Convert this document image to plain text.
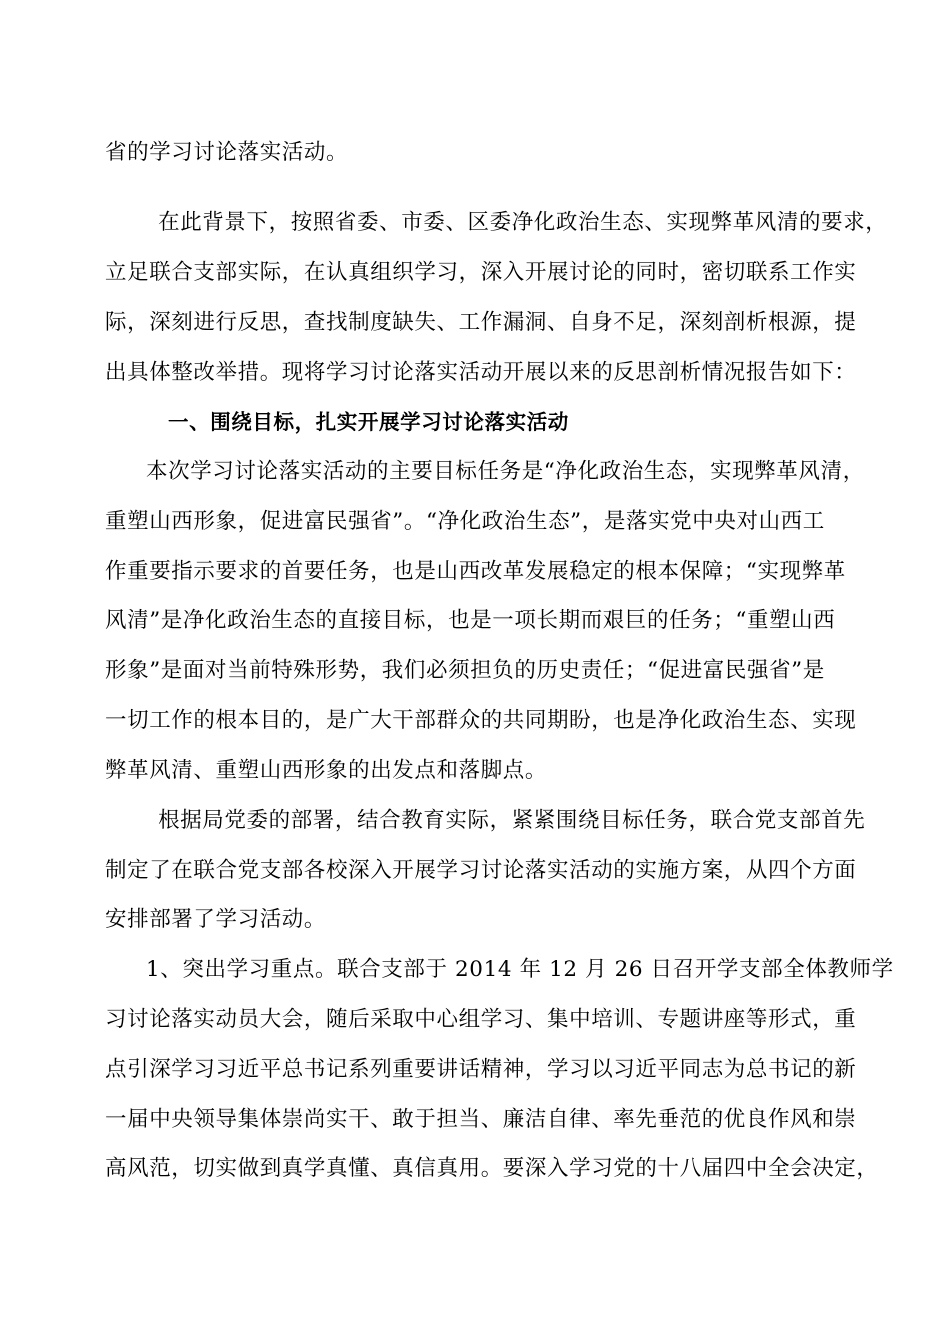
省的学习讨论落实活动。
　在此背景下，按照省委、市委、区委净化政治生态、实现弊革风清的要求，
立足联合支部实际，在认真组织学习，深入开展讨论的同时，密切联系工作实
际，深刻进行反思，查找制度缺失、工作漏洞、自身不足，深刻剖析根源，提
出具体整改举措。现将学习讨论落实活动开展以来的反思剖析情况报告如下：
一、围绕目标，扎实开展学习讨论落实活动
本次学习讨论落实活动的主要目标任务是“净化政治生态，实现弊革风清，
重塑山西形象，促进富民强省”。“净化政治生态”，是落实党中央对山西工
作重要指示要求的首要任务，也是山西改革发展稳定的根本保障；“实现弊革
风清”是净化政治生态的直接目标，也是一项长期而艰巨的任务；“重塑山西
形象”是面对当前特殊形势，我们必须担负的历史责任；“促进富民强省”是
一切工作的根本目的，是广大干部群众的共同期盼，也是净化政治生态、实现
弊革风清、重塑山西形象的出发点和落脚点。
　根据局党委的部署，结合教育实际，紧紧围绕目标任务，联合党支部首先
制定了在联合党支部各校深入开展学习讨论落实活动的实施方案，从四个方面
安排部署了学习活动。
1、突出学习重点。联合支部于 2014 年 12 月 26 日召开学支部全体教师学
习讨论落实动员大会，随后采取中心组学习、集中培训、专题讲座等形式，重
点引深学习习近平总书记系列重要讲话精神，学习以习近平同志为总书记的新
一届中央领导集体崇尚实干、敢于担当、廉洁自律、率先垂范的优良作风和崇
高风范，切实做到真学真懂、真信真用。要深入学习党的十八届四中全会决定，
